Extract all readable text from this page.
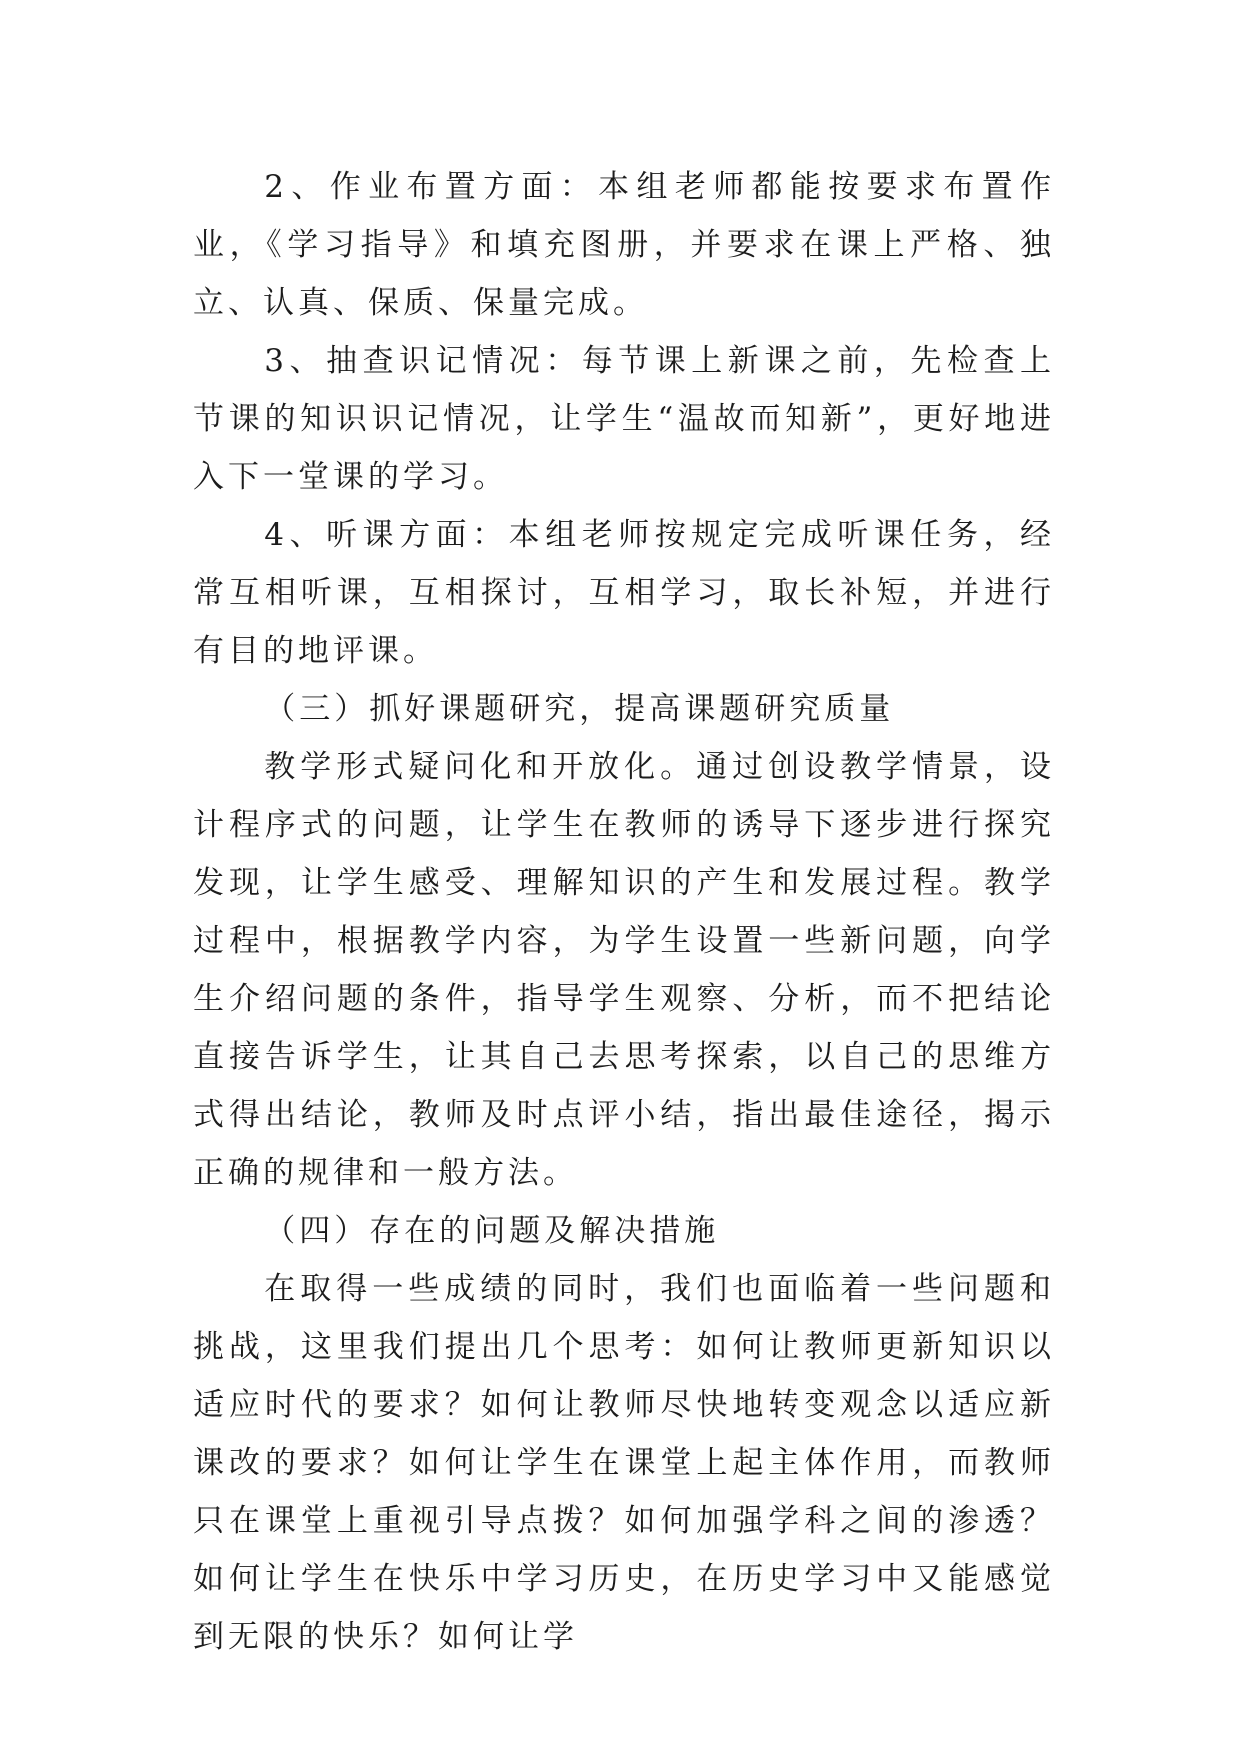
2、作业布置方面：本组老师都能按要求布置作业，《学习指导》和填充图册，并要求在课上严格、独立、认真、保质、保量完成。

3、抽查识记情况：每节课上新课之前，先检查上节课的知识识记情况，让学生“温故而知新”，更好地进入下一堂课的学习。

4、听课方面：本组老师按规定完成听课任务，经常互相听课，互相探讨，互相学习，取长补短，并进行有目的地评课。

（三）抓好课题研究，提高课题研究质量

教学形式疑问化和开放化。通过创设教学情景，设计程序式的问题，让学生在教师的诱导下逐步进行探究发现，让学生感受、理解知识的产生和发展过程。教学过程中，根据教学内容，为学生设置一些新问题，向学生介绍问题的条件，指导学生观察、分析，而不把结论直接告诉学生，让其自己去思考探索，以自己的思维方式得出结论，教师及时点评小结，指出最佳途径，揭示正确的规律和一般方法。

（四）存在的问题及解决措施

在取得一些成绩的同时，我们也面临着一些问题和挑战，这里我们提出几个思考：如何让教师更新知识以适应时代的要求？如何让教师尽快地转变观念以适应新课改的要求？如何让学生在课堂上起主体作用，而教师只在课堂上重视引导点拨？如何加强学科之间的渗透？如何让学生在快乐中学习历史，在历史学习中又能感觉到无限的快乐？如何让学
